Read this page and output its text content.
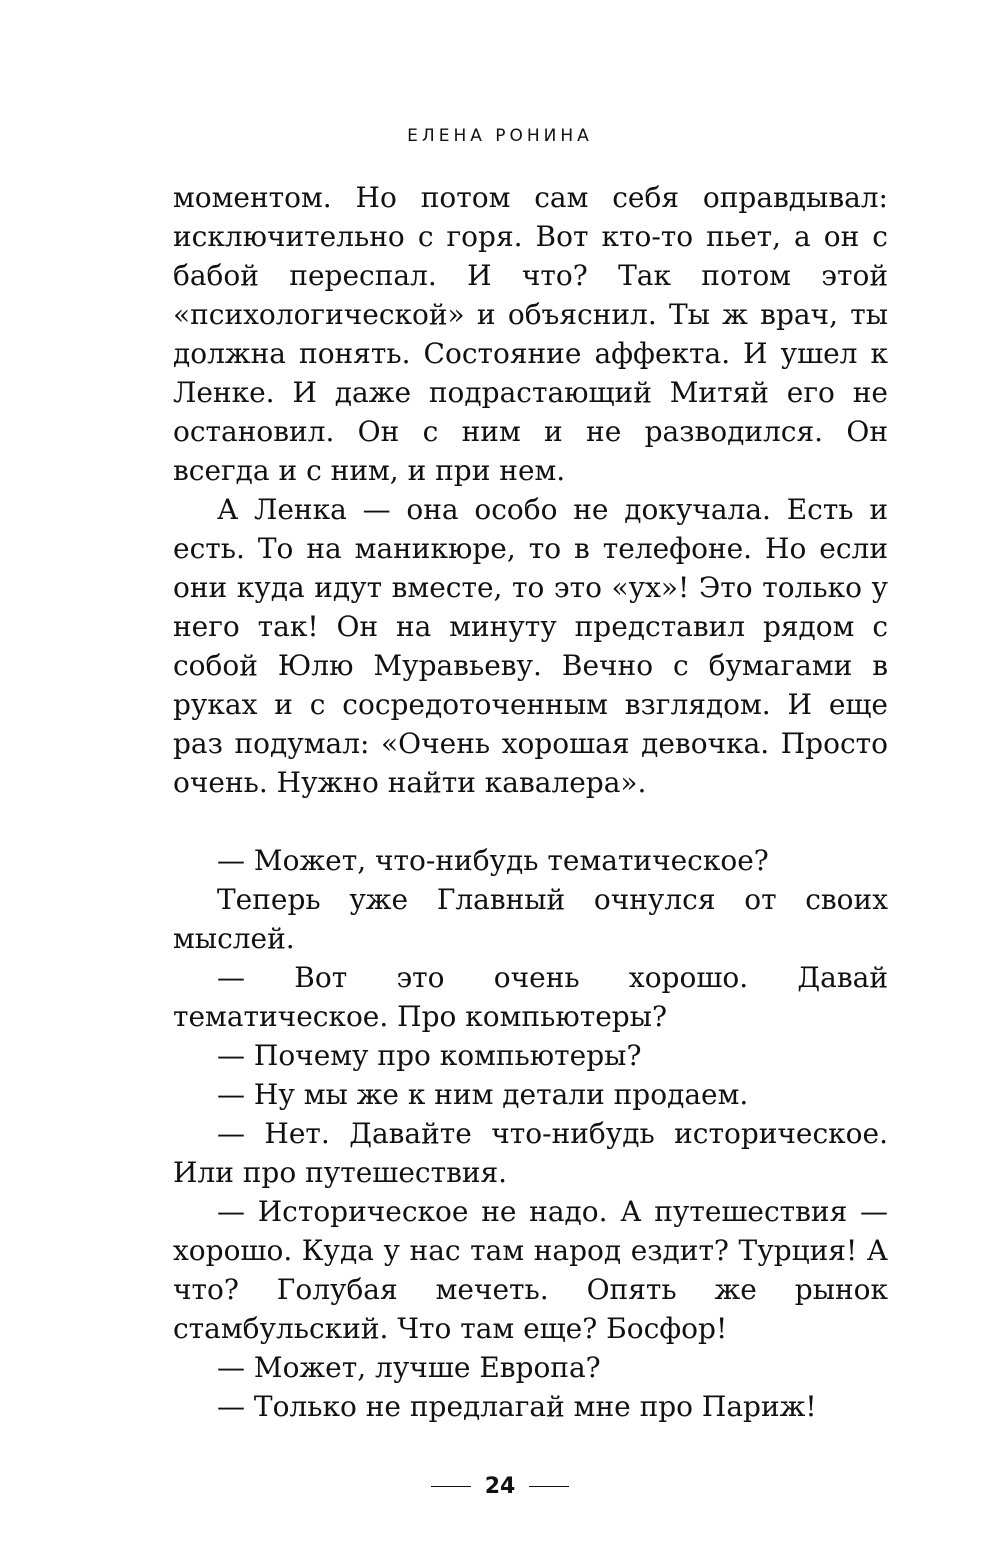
ЕЛЕНА РОНИНА

моментом. Но потом сам себя оправдывал: исключительно с горя. Вот кто-то пьет, а он с бабой переспал. И что? Так потом этой «психологической» и объяснил. Ты ж врач, ты должна понять. Состояние аффекта. И ушел к Ленке. И даже подрастающий Митяй его не остановил. Он с ним и не разводился. Он всегда и с ним, и при нем.

А Ленка — она особо не докучала. Есть и есть. То на маникюре, то в телефоне. Но если они куда идут вместе, то это «ух»! Это только у него так! Он на минуту представил рядом с собой Юлю Муравьеву. Вечно с бумагами в руках и с сосредоточенным взглядом. И еще раз подумал: «Очень хорошая девочка. Просто очень. Нужно найти кавалера».

— Может, что-нибудь тематическое?

Теперь уже Главный очнулся от своих мыслей.

— Вот это очень хорошо. Давай тематическое. Про компьютеры?

— Почему про компьютеры?

— Ну мы же к ним детали продаем.

— Нет. Давайте что-нибудь историческое. Или про путешествия.

— Историческое не надо. А путешествия — хорошо. Куда у нас там народ ездит? Турция! А что? Голубая мечеть. Опять же рынок стамбульский. Что там еще? Босфор!

— Может, лучше Европа?

— Только не предлагай мне про Париж!

24
